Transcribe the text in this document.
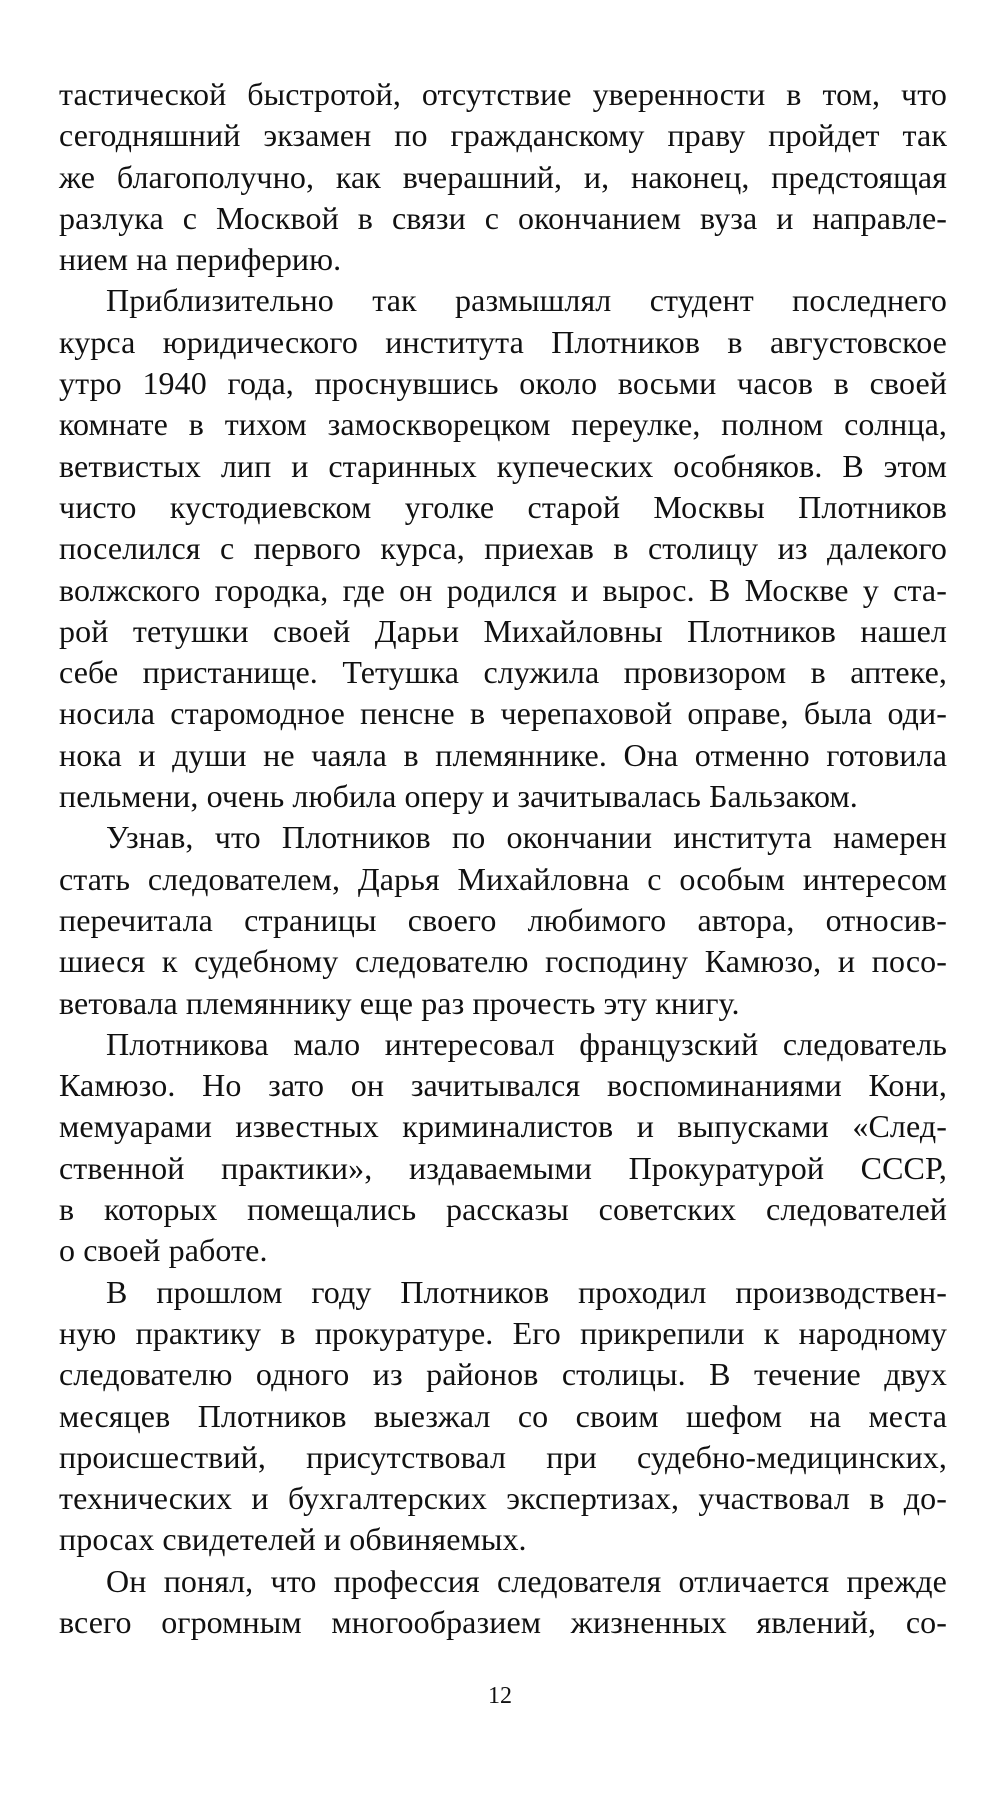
тастической быстротой, отсутствие уверенности в том, что

сегодняшний экзамен по гражданскому праву пройдет так

же благополучно, как вчерашний, и, наконец, предстоящая

разлука с Москвой в связи с окончанием вуза и направле-

нием на периферию.

Приблизительно так размышлял студент последнего

курса юридического института Плотников в августовское

утро 1940 года, проснувшись около восьми часов в своей

комнате в тихом замоскворецком переулке, полном солнца,

ветвистых лип и старинных купеческих особняков. В этом

чисто кустодиевском уголке старой Москвы Плотников

поселился с первого курса, приехав в столицу из далекого

волжского городка, где он родился и вырос. В Москве у ста-

рой тетушки своей Дарьи Михайловны Плотников нашел

себе пристанище. Тетушка служила провизором в аптеке,

носила старомодное пенсне в черепаховой оправе, была оди-

нока и души не чаяла в племяннике. Она отменно готовила

пельмени, очень любила оперу и зачитывалась Бальзаком.

Узнав, что Плотников по окончании института намерен

стать следователем, Дарья Михайловна с особым интересом

перечитала страницы своего любимого автора, относив-

шиеся к судебному следователю господину Камюзо, и посо-

ветовала племяннику еще раз прочесть эту книгу.

Плотникова мало интересовал французский следователь

Камюзо. Но зато он зачитывался воспоминаниями Кони,

мемуарами известных криминалистов и выпусками «След-

ственной практики», издаваемыми Прокуратурой СССР,

в которых помещались рассказы советских следователей

о своей работе.

В прошлом году Плотников проходил производствен-

ную практику в прокуратуре. Его прикрепили к народному

следователю одного из районов столицы. В течение двух

месяцев Плотников выезжал со своим шефом на места

происшествий, присутствовал при судебно-медицинских,

технических и бухгалтерских экспертизах, участвовал в до-

просах свидетелей и обвиняемых.

Он понял, что профессия следователя отличается прежде

всего огромным многообразием жизненных явлений, со-

12
